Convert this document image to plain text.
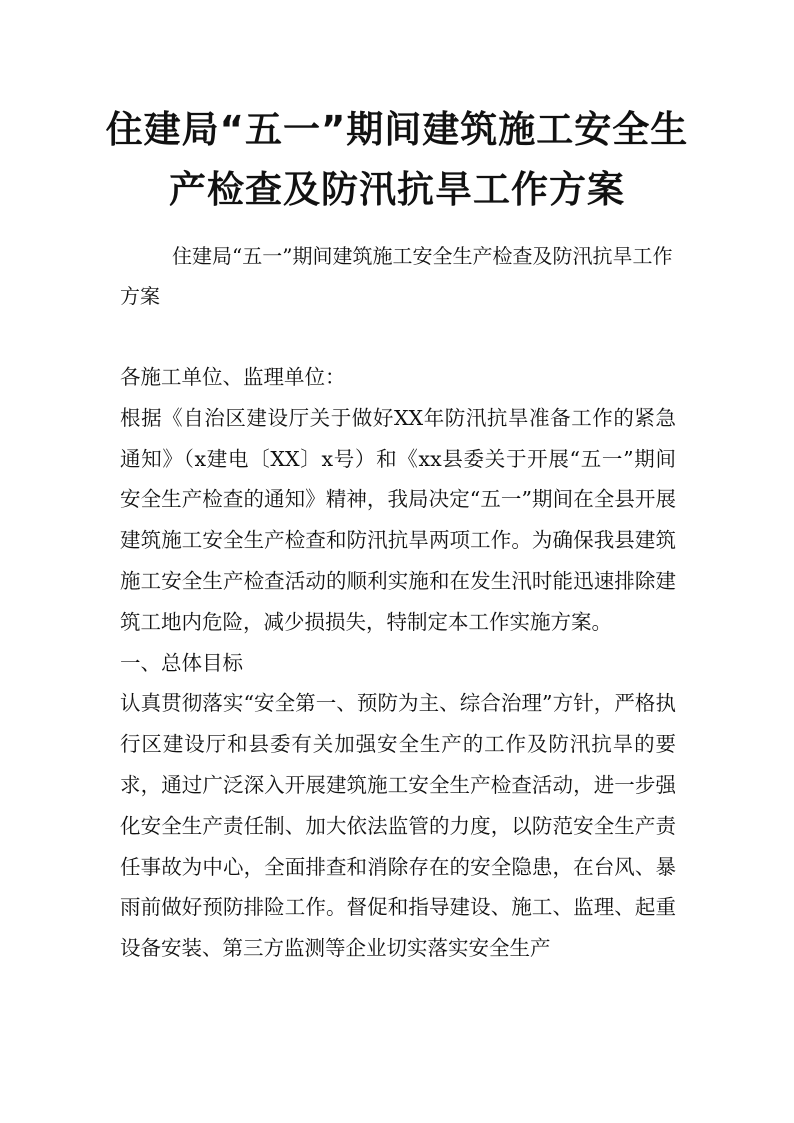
住建局“五一”期间建筑施工安全生
产检查及防汛抗旱工作方案

住建局“五一”期间建筑施工安全生产检查及防汛抗旱工作方案

各施工单位、监理单位：

根据《自治区建设厅关于做好XX年防汛抗旱准备工作的紧急通知》（x建电〔XX〕x号）和《xx县委关于开展“五一”期间安全生产检查的通知》精神，我局决定“五一”期间在全县开展建筑施工安全生产检查和防汛抗旱两项工作。为确保我县建筑施工安全生产检查活动的顺利实施和在发生汛时能迅速排除建筑工地内危险，减少损损失，特制定本工作实施方案。

一、总体目标

认真贯彻落实“安全第一、预防为主、综合治理”方针，严格执行区建设厅和县委有关加强安全生产的工作及防汛抗旱的要求，通过广泛深入开展建筑施工安全生产检查活动，进一步强化安全生产责任制、加大依法监管的力度，以防范安全生产责任事故为中心，全面排查和消除存在的安全隐患，在台风、暴雨前做好预防排险工作。督促和指导建设、施工、监理、起重设备安装、第三方监测等企业切实落实安全生产
